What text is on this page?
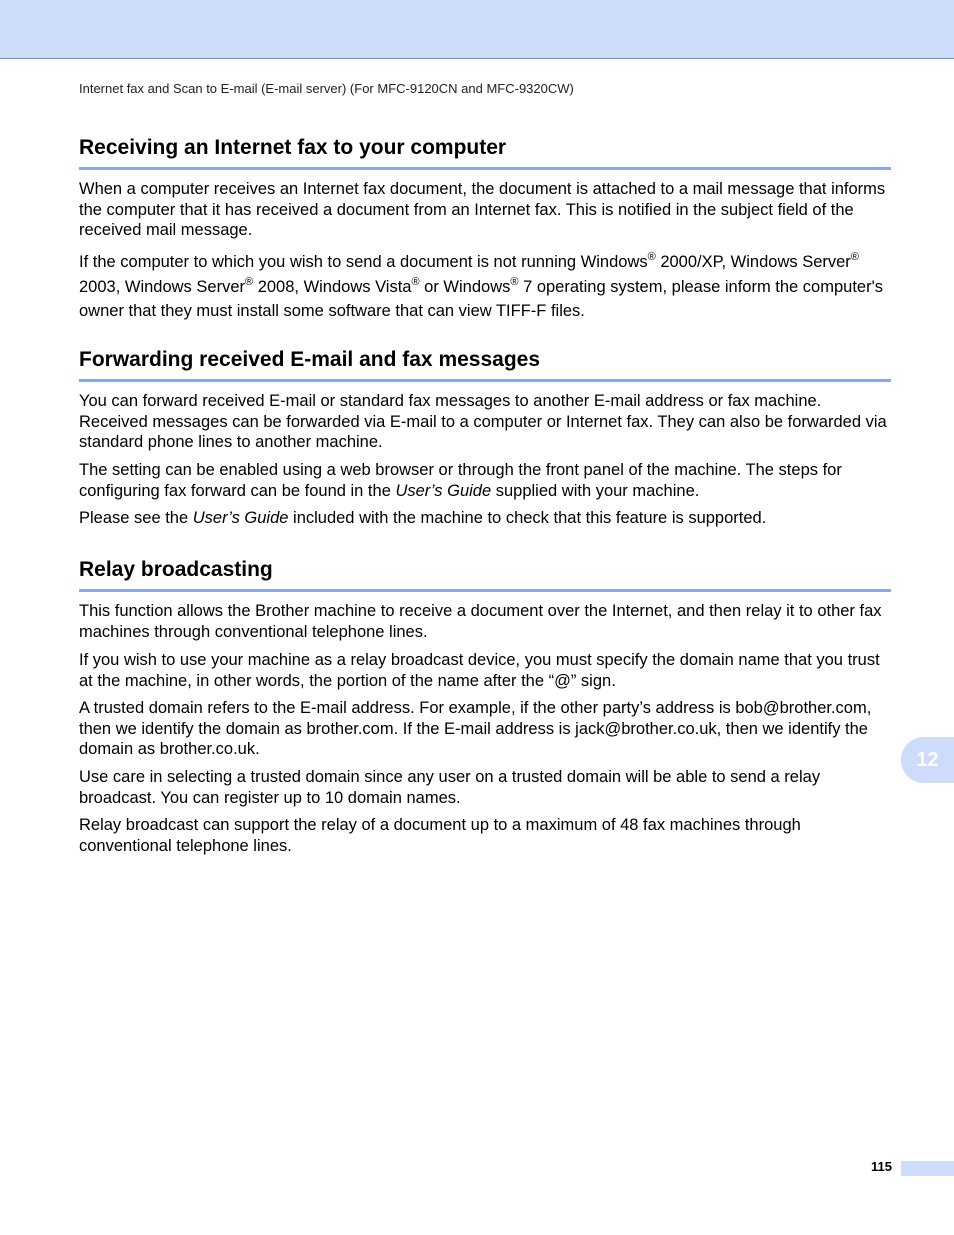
Internet fax and Scan to E-mail (E-mail server) (For MFC-9120CN and MFC-9320CW)
Receiving an Internet fax to your computer

When a computer receives an Internet fax document, the document is attached to a mail message that informs the computer that it has received a document from an Internet fax. This is notified in the subject field of the received mail message.

If the computer to which you wish to send a document is not running Windows® 2000/XP, Windows Server® 2003, Windows Server® 2008, Windows Vista® or Windows® 7 operating system, please inform the computer's owner that they must install some software that can view TIFF-F files.

Forwarding received E-mail and fax messages

You can forward received E-mail or standard fax messages to another E-mail address or fax machine. Received messages can be forwarded via E-mail to a computer or Internet fax. They can also be forwarded via standard phone lines to another machine.

The setting can be enabled using a web browser or through the front panel of the machine. The steps for configuring fax forward can be found in the User’s Guide supplied with your machine.

Please see the User’s Guide included with the machine to check that this feature is supported.

Relay broadcasting

This function allows the Brother machine to receive a document over the Internet, and then relay it to other fax machines through conventional telephone lines.

If you wish to use your machine as a relay broadcast device, you must specify the domain name that you trust at the machine, in other words, the portion of the name after the “@” sign.

A trusted domain refers to the E-mail address. For example, if the other party’s address is bob@brother.com, then we identify the domain as brother.com. If the E-mail address is jack@brother.co.uk, then we identify the domain as brother.co.uk.

Use care in selecting a trusted domain since any user on a trusted domain will be able to send a relay broadcast. You can register up to 10 domain names.

Relay broadcast can support the relay of a document up to a maximum of 48 fax machines through conventional telephone lines.

12
115
